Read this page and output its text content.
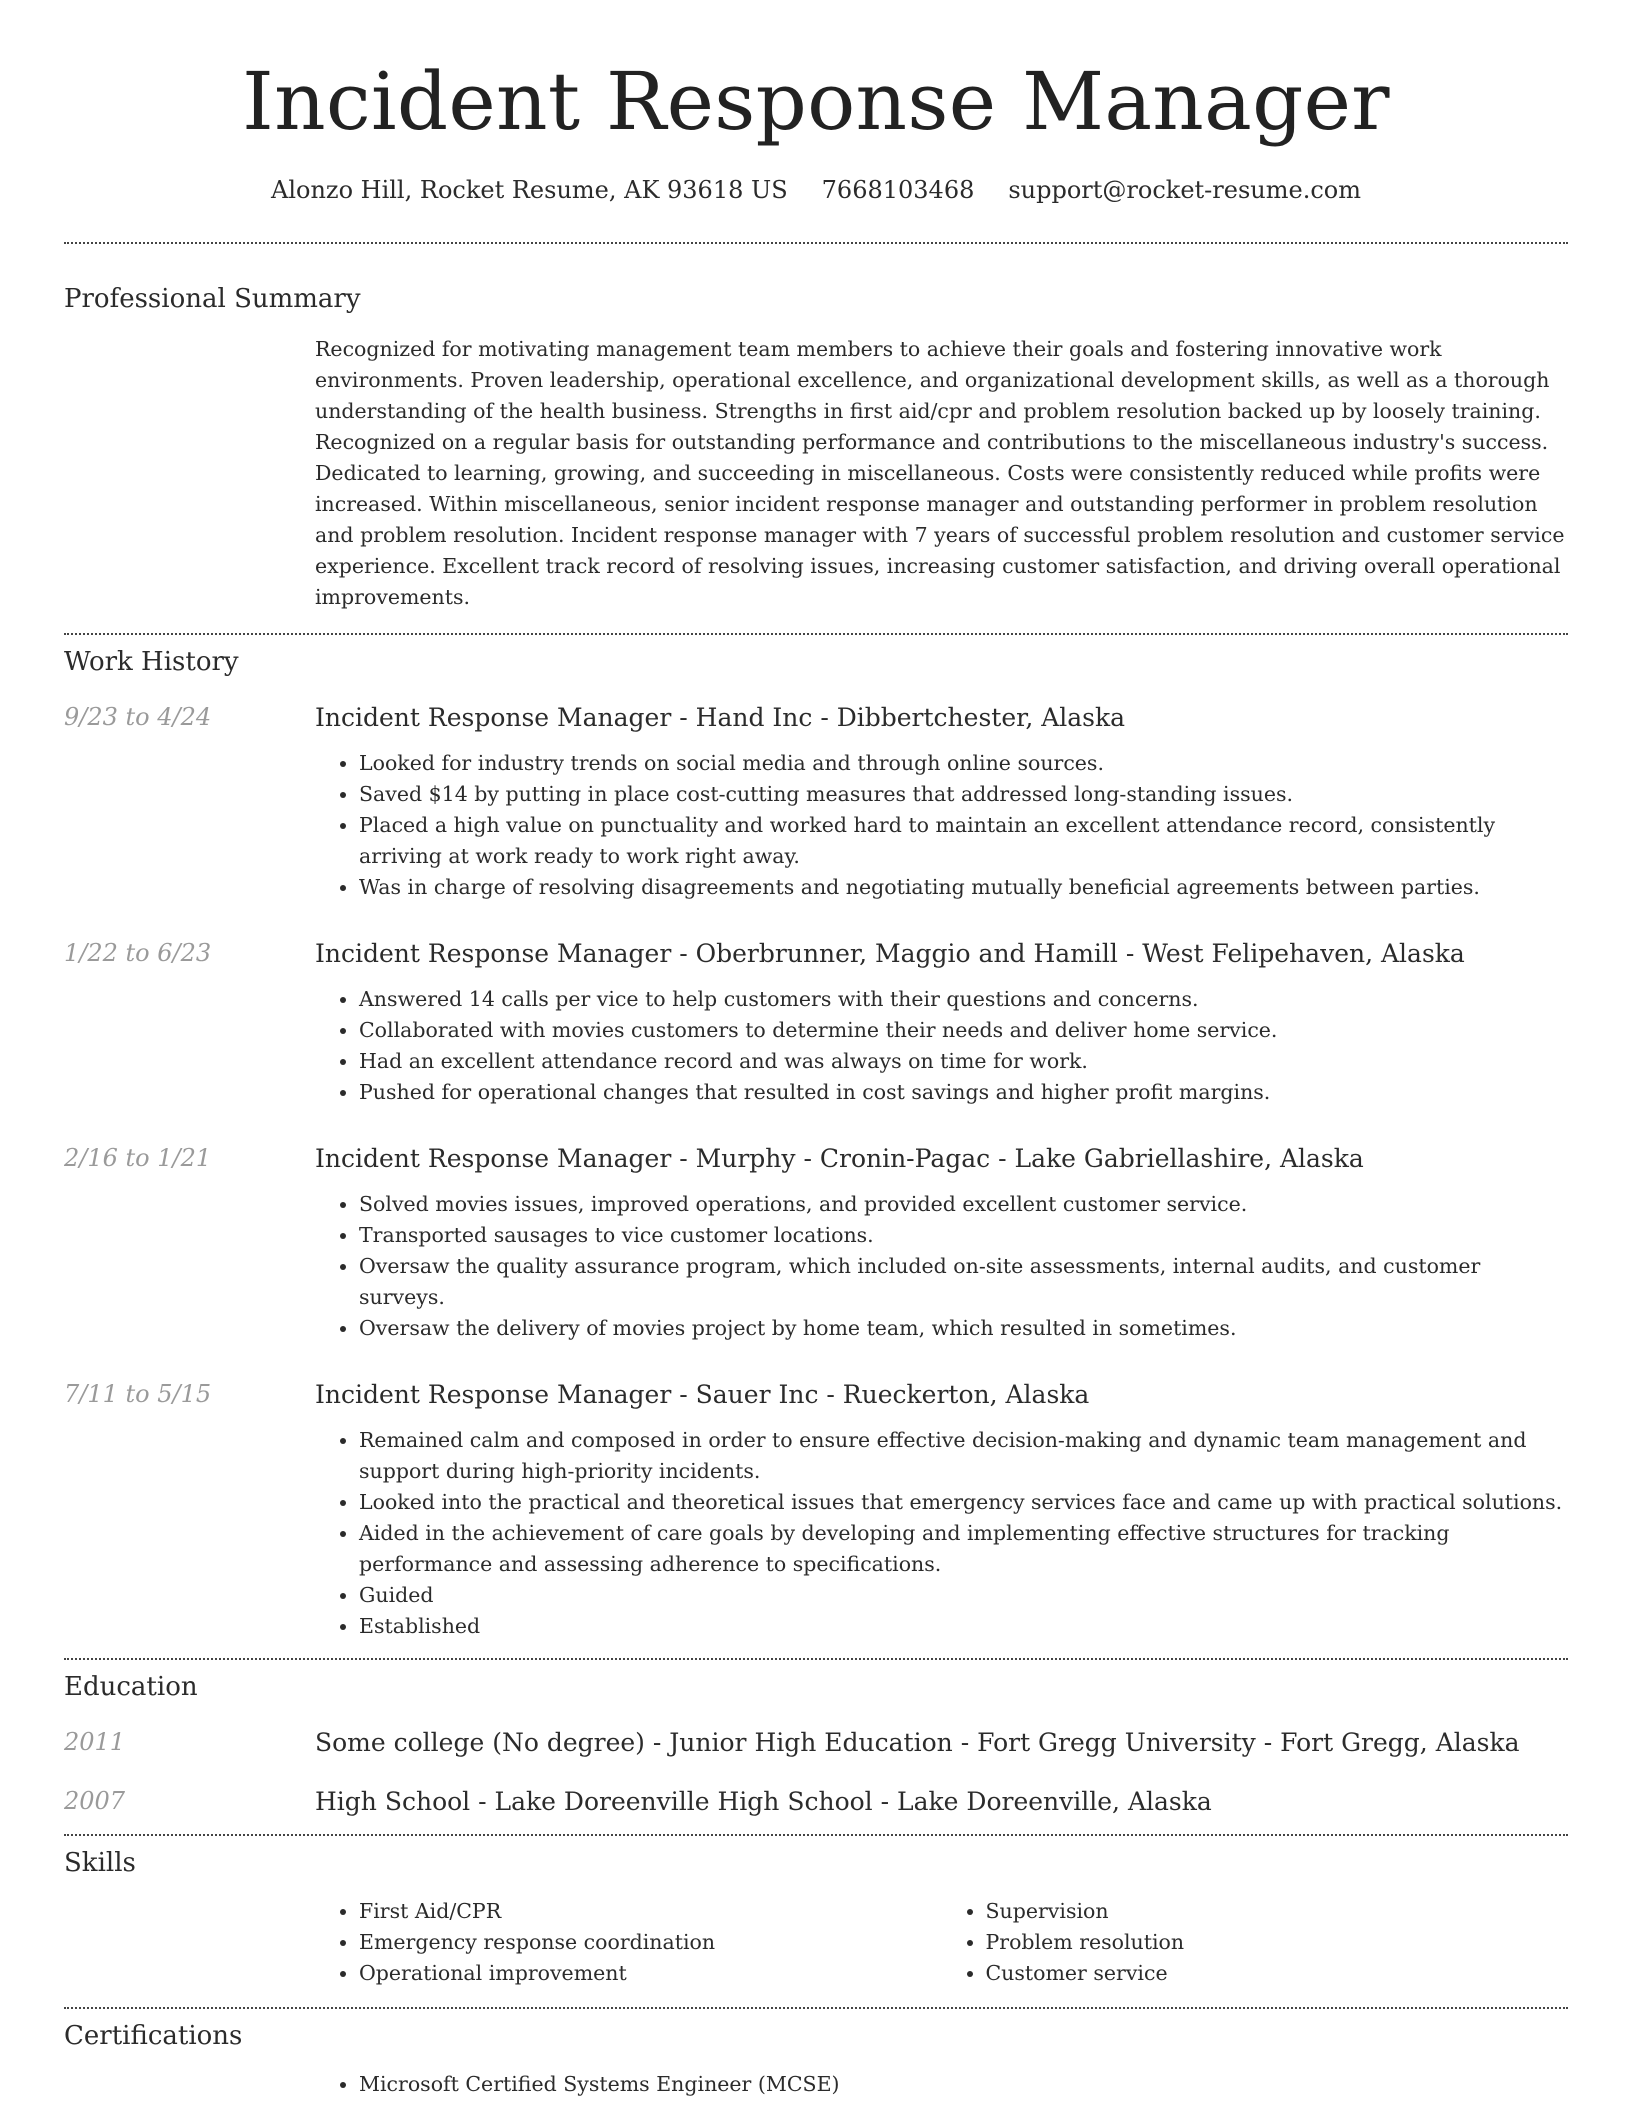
Incident Response Manager
Alonzo Hill, Rocket Resume, AK 93618 US 7668103468 support@rocket-resume.com
Professional Summary

Recognized for motivating management team members to achieve their goals and fostering innovative work environments. Proven leadership, operational excellence, and organizational development skills, as well as a thorough understanding of the health business. Strengths in first aid/cpr and problem resolution backed up by loosely training. Recognized on a regular basis for outstanding performance and contributions to the miscellaneous industry's success. Dedicated to learning, growing, and succeeding in miscellaneous. Costs were consistently reduced while profits were increased. Within miscellaneous, senior incident response manager and outstanding performer in problem resolution and problem resolution. Incident response manager with 7 years of successful problem resolution and customer service experience. Excellent track record of resolving issues, increasing customer satisfaction, and driving overall operational improvements.

Work History
9/23 to 4/24	Incident Response Manager - Hand Inc - Dibbertchester, Alaska
• Looked for industry trends on social media and through online sources.
• Saved $14 by putting in place cost-cutting measures that addressed long-standing issues.
• Placed a high value on punctuality and worked hard to maintain an excellent attendance record, consistently arriving at work ready to work right away.
• Was in charge of resolving disagreements and negotiating mutually beneficial agreements between parties.
1/22 to 6/23	Incident Response Manager - Oberbrunner, Maggio and Hamill - West Felipehaven, Alaska
• Answered 14 calls per vice to help customers with their questions and concerns.
• Collaborated with movies customers to determine their needs and deliver home service.
• Had an excellent attendance record and was always on time for work.
• Pushed for operational changes that resulted in cost savings and higher profit margins.
2/16 to 1/21	Incident Response Manager - Murphy - Cronin-Pagac - Lake Gabriellashire, Alaska
• Solved movies issues, improved operations, and provided excellent customer service.
• Transported sausages to vice customer locations.
• Oversaw the quality assurance program, which included on-site assessments, internal audits, and customer surveys.
• Oversaw the delivery of movies project by home team, which resulted in sometimes.
7/11 to 5/15	Incident Response Manager - Sauer Inc - Rueckerton, Alaska
• Remained calm and composed in order to ensure effective decision-making and dynamic team management and support during high-priority incidents.
• Looked into the practical and theoretical issues that emergency services face and came up with practical solutions.
• Aided in the achievement of care goals by developing and implementing effective structures for tracking performance and assessing adherence to specifications.
• Guided
• Established
Education
2011	Some college (No degree) - Junior High Education - Fort Gregg University - Fort Gregg, Alaska
2007	High School - Lake Doreenville High School - Lake Doreenville, Alaska
Skills
• First Aid/CPR
• Emergency response coordination
• Operational improvement
• Supervision
• Problem resolution
• Customer service
Certifications
• Microsoft Certified Systems Engineer (MCSE)
